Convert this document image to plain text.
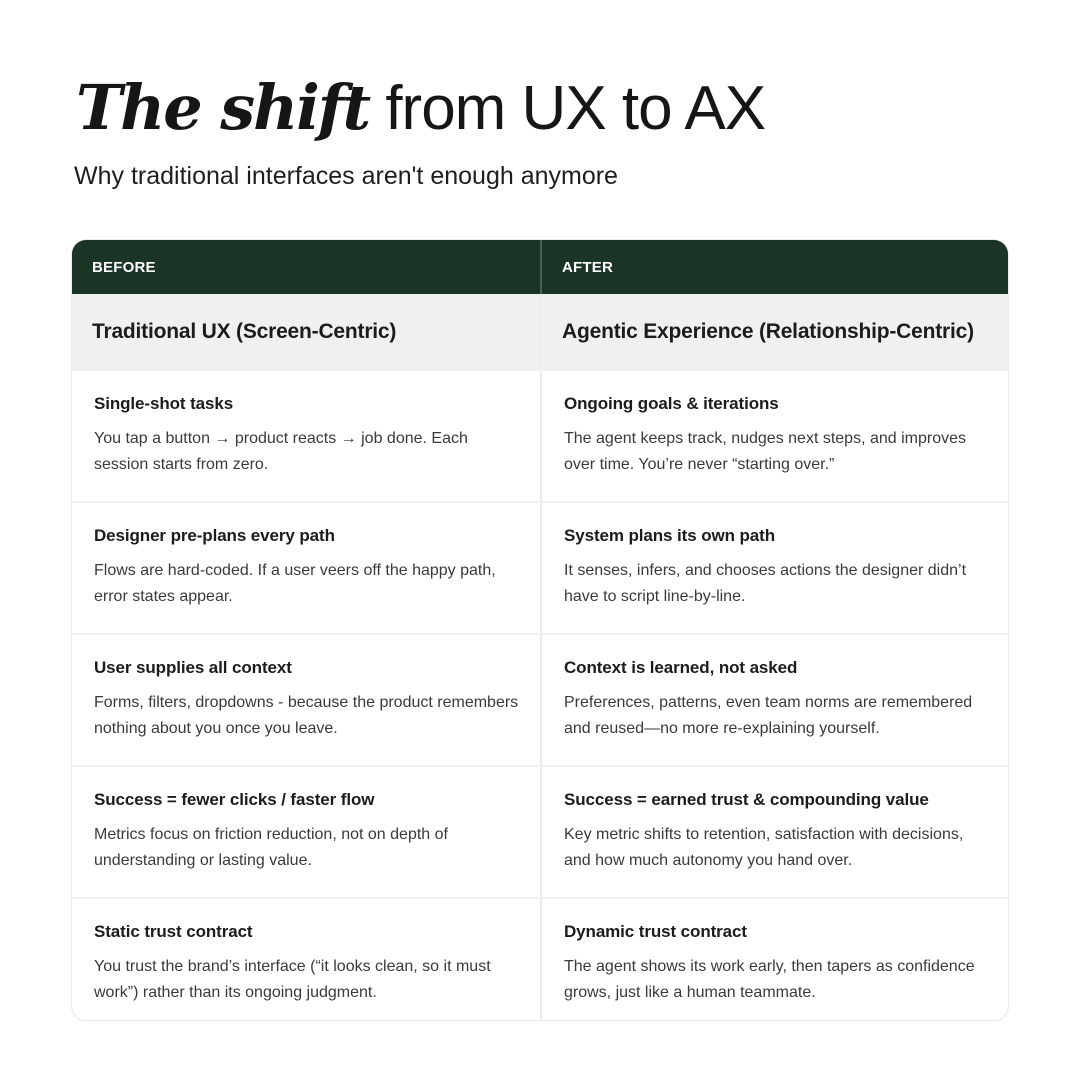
The shift from UX to AX

Why traditional interfaces aren't enough anymore

BEFORE	AFTER
Traditional UX (Screen-Centric)	Agentic Experience (Relationship-Centric)
Single-shot tasks
You tap a button → product reacts → job done. Each session starts from zero.
Ongoing goals & iterations
The agent keeps track, nudges next steps, and improves over time. You’re never “starting over.”
Designer pre-plans every path
Flows are hard-coded. If a user veers off the happy path, error states appear.
System plans its own path
It senses, infers, and chooses actions the designer didn’t have to script line-by-line.
User supplies all context
Forms, filters, dropdowns - because the product remembers nothing about you once you leave.
Context is learned, not asked
Preferences, patterns, even team norms are remembered and reused—no more re-explaining yourself.
Success = fewer clicks / faster flow
Metrics focus on friction reduction, not on depth of understanding or lasting value.
Success = earned trust & compounding value
Key metric shifts to retention, satisfaction with decisions, and how much autonomy you hand over.
Static trust contract
You trust the brand’s interface (“it looks clean, so it must work”) rather than its ongoing judgment.
Dynamic trust contract
The agent shows its work early, then tapers as confidence grows, just like a human teammate.
